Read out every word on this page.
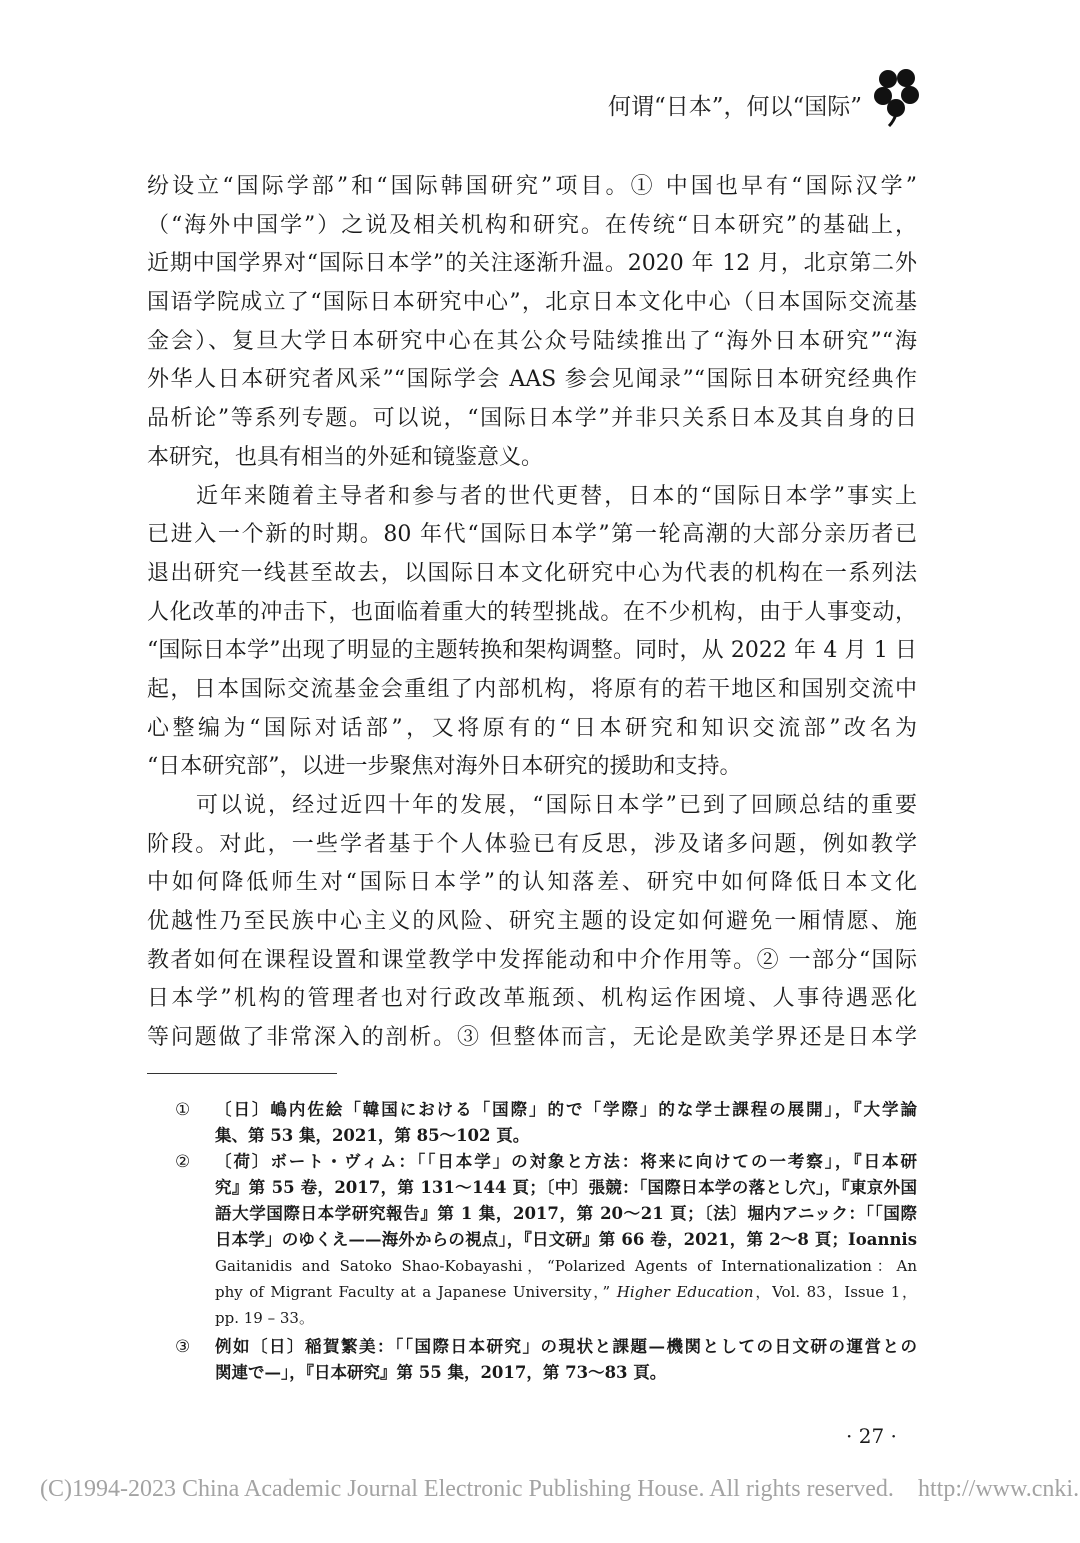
何谓“日本”，何以“国际”
纷设立“国际学部”和“国际韩国研究”项目。① 中国也早有“国际汉学”
（“海外中国学”）之说及相关机构和研究。在传统“日本研究”的基础上，
近期中国学界对“国际日本学”的关注逐渐升温。2020 年 12 月，北京第二外
国语学院成立了“国际日本研究中心”，北京日本文化中心（日本国际交流基
金会）、复旦大学日本研究中心在其公众号陆续推出了“海外日本研究”“海
外华人日本研究者风采”“国际学会 AAS 参会见闻录”“国际日本研究经典作
品析论”等系列专题。可以说，“国际日本学”并非只关系日本及其自身的日
本研究，也具有相当的外延和镜鉴意义。
近年来随着主导者和参与者的世代更替，日本的“国际日本学”事实上
已进入一个新的时期。80 年代“国际日本学”第一轮高潮的大部分亲历者已
退出研究一线甚至故去，以国际日本文化研究中心为代表的机构在一系列法
人化改革的冲击下，也面临着重大的转型挑战。在不少机构，由于人事变动，
“国际日本学”出现了明显的主题转换和架构调整。同时，从 2022 年 4 月 1 日
起，日本国际交流基金会重组了内部机构，将原有的若干地区和国别交流中
心整编为“国际对话部”，又将原有的“日本研究和知识交流部”改名为
“日本研究部”，以进一步聚焦对海外日本研究的援助和支持。
可以说，经过近四十年的发展，“国际日本学”已到了回顾总结的重要
阶段。对此，一些学者基于个人体验已有反思，涉及诸多问题，例如教学
中如何降低师生对“国际日本学”的认知落差、研究中如何降低日本文化
优越性乃至民族中心主义的风险、研究主题的设定如何避免一厢情愿、施
教者如何在课程设置和课堂教学中发挥能动和中介作用等。② 一部分“国际
日本学”机构的管理者也对行政改革瓶颈、机构运作困境、人事待遇恶化
等问题做了非常深入的剖析。③ 但整体而言，无论是欧美学界还是日本学
①	〔日〕嶋内佐絵「韓国における「国際」的で「学際」的な学士課程の展開」，『大学論
集、第 53 集，2021，第 85～102 頁。
②	〔荷〕ボート・ヴィム：「「日本学」の対象と方法：将来に向けての一考察」，『日本研
究』第 55 卷，2017，第 131～144 頁；〔中〕張競：「国際日本学の落とし穴」，『東京外国
語大学国際日本学研究報告』第 1 集，2017，第 20～21 頁；〔法〕堀内アニック：「「国際
日本学」のゆくえ——海外からの視点」，『日文研』第 66 卷，2021，第 2～8 頁；Ioannis
Gaitanidis and Satoko Shao-Kobayashi，“Polarized Agents of Internationalization：An
phy of Migrant Faculty at a Japanese University，” Higher Education，Vol. 83，Issue 1，
pp. 19 – 33。
③	例如〔日〕稲賀繁美：「「国際日本研究」の現状と課題—機関としての日文研の運営との
関連で—」，『日本研究』第 55 集，2017，第 73～83 頁。
· 27 ·
(C)1994-2023 China Academic Journal Electronic Publishing House. All rights reserved. http://www.cnki.
